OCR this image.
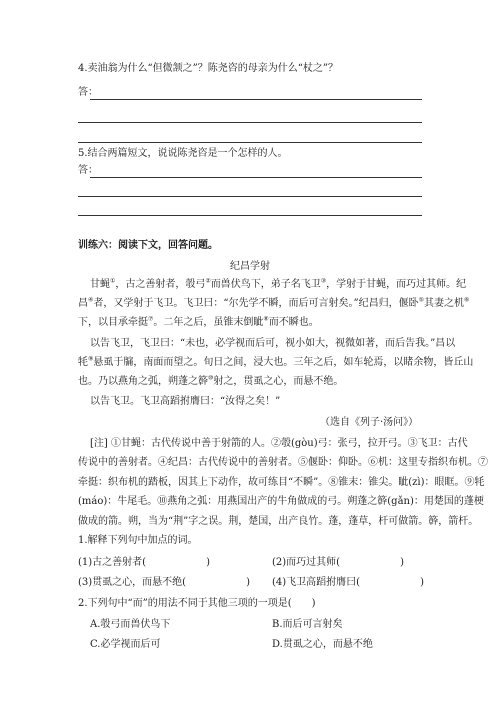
4.卖油翁为什么“但微颔之”？陈尧咨的母亲为什么“杖之”？
答：
5.结合两篇短文，说说陈尧咨是一个怎样的人。
答：
训练六：阅读下文，回答问题。
纪昌学射
甘蝇①，古之善射者，彀弓②而兽伏鸟下，弟子名飞卫③，学射于甘蝇，而巧过其师。纪
昌④者，又学射于飞卫。飞卫曰：“尔先学不瞬，而后可言射矣。”纪昌归，偃卧⑤其妻之机⑥
下，以目承牵挺⑦。二年之后，虽锥末倒眦⑧而不瞬也。
以告飞卫，飞卫曰：“未也，必学视而后可，视小如大，视微如著，而后告我。”昌以
牦⑨悬虱于牖，南面而望之。旬日之间，浸大也。三年之后，如车轮焉，以睹余物，皆丘山
也。乃以燕角之弧，朔蓬之簳⑩射之，贯虱之心，而悬不绝。
以告飞卫。飞卫高蹈拊膺曰：“汝得之矣！”
（选自《列子·汤问》）
[注] ①甘蝇：古代传说中善于射箭的人。②彀(gòu)弓：张弓，拉开弓。③飞卫：古代
传说中的善射者。④纪昌：古代传说中的善射者。⑤偃卧：仰卧。⑥机：这里专指织布机。⑦
牵挺：织布机的踏板，因其上下动作，故可练目“不瞬”。⑧锥末：锥尖。眦(zì)：眼眶。⑨牦
(máo)：牛尾毛。⑩燕角之弧：用燕国出产的牛角做成的弓。朔蓬之簳(gǎn)：用楚国的蓬梗
做成的箭。朔，当为“荆”字之误。荆，楚国，出产良竹。蓬，蓬草，杆可做箭。簳，箭杆。
1.解释下列句中加点的词。
(1)古之善射者(　　　　　　)	(2)而巧过其师(　　　　　　)
(3)贯虱之心，而悬不绝(　　　　　　) (4)飞卫高蹈拊膺曰(　　　　　　)
2.下列句中“而”的用法不同于其他三项的一项是(　　)
A.彀弓而兽伏鸟下	B.而后可言射矣
C.必学视而后可	D.贯虱之心，而悬不绝
